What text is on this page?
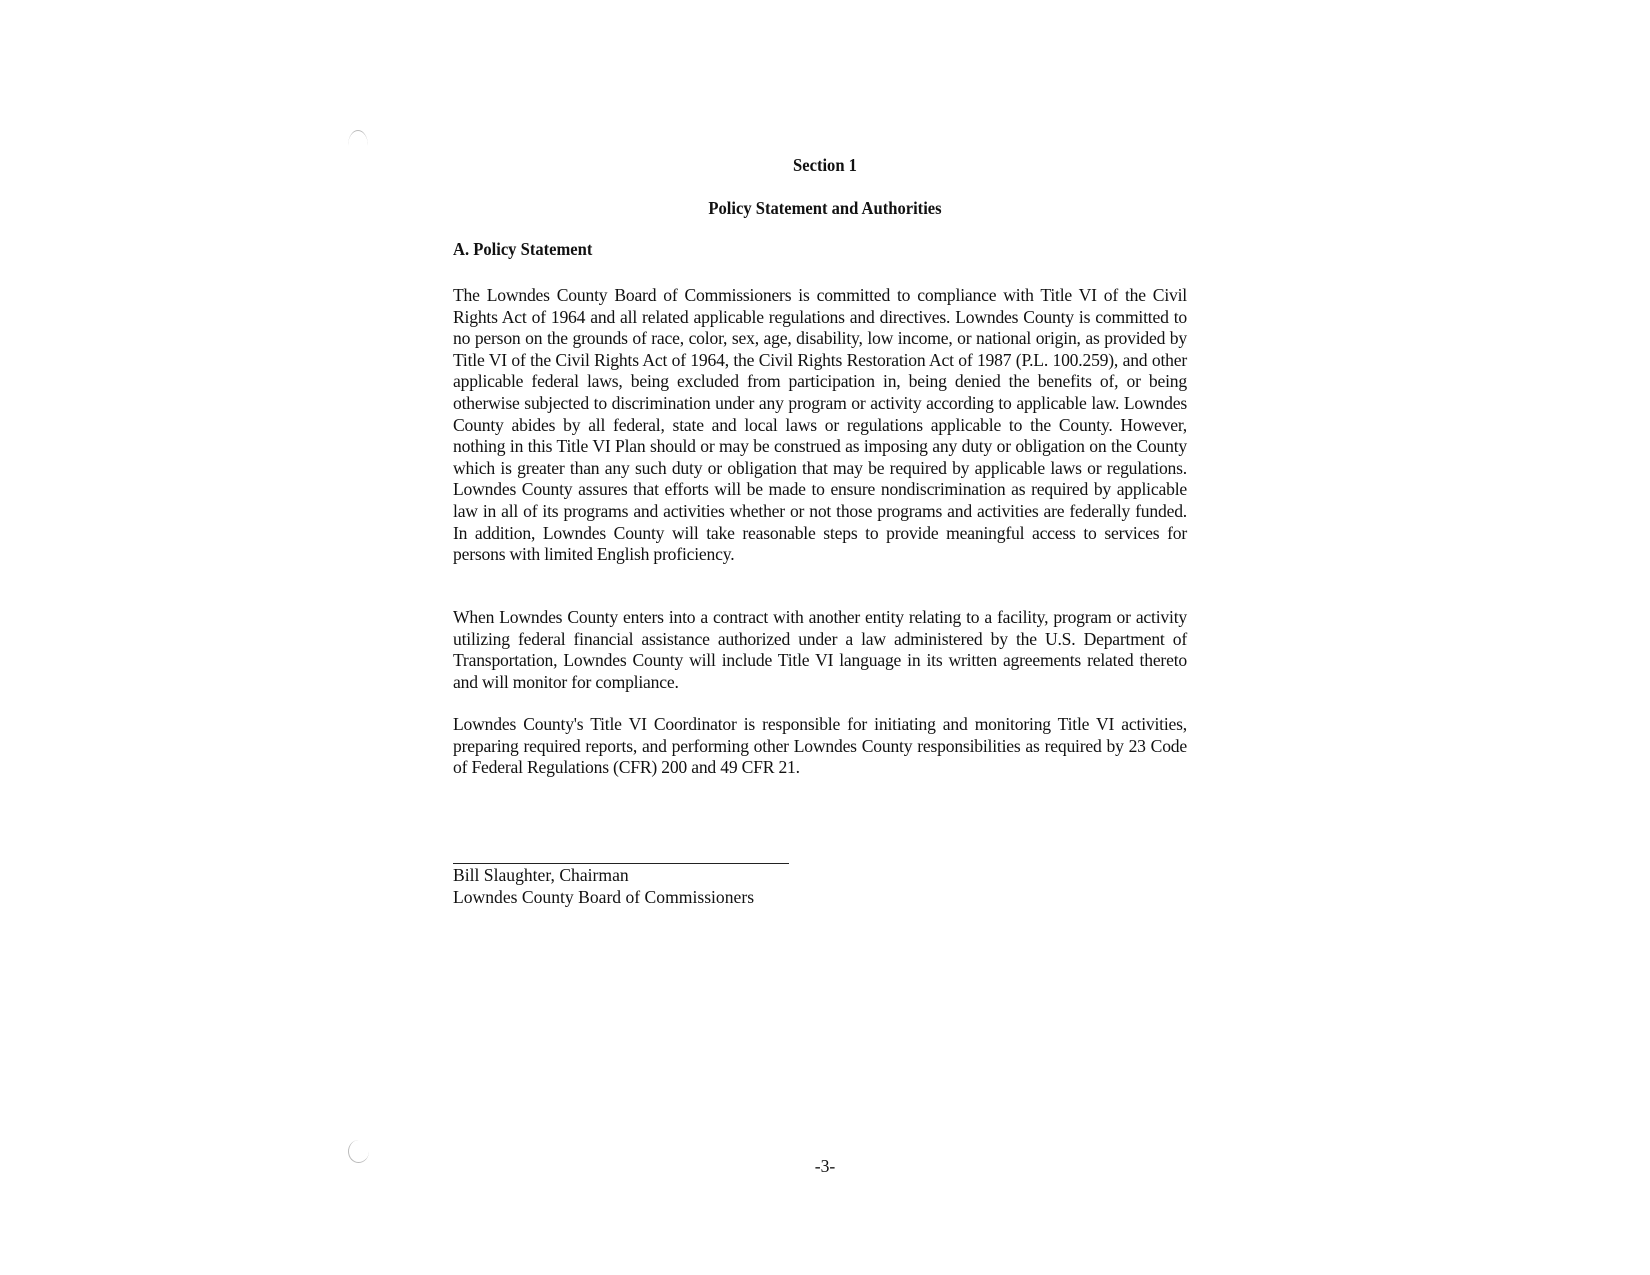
Section 1
Policy Statement and Authorities
A. Policy Statement
The Lowndes County Board of Commissioners is committed to compliance with Title VI of the Civil Rights Act of 1964 and all related applicable regulations and directives. Lowndes County is committed to no person on the grounds of race, color, sex, age, disability, low income, or national origin, as provided by Title VI of the Civil Rights Act of 1964, the Civil Rights Restoration Act of 1987 (P.L. 100.259), and other applicable federal laws, being excluded from participation in, being denied the benefits of, or being otherwise subjected to discrimination under any program or activity according to applicable law. Lowndes County abides by all federal, state and local laws or regulations applicable to the County. However, nothing in this Title VI Plan should or may be construed as imposing any duty or obligation on the County which is greater than any such duty or obligation that may be required by applicable laws or regulations. Lowndes County assures that efforts will be made to ensure nondiscrimination as required by applicable law in all of its programs and activities whether or not those programs and activities are federally funded. In addition, Lowndes County will take reasonable steps to provide meaningful access to services for persons with limited English proficiency.
When Lowndes County enters into a contract with another entity relating to a facility, program or activity utilizing federal financial assistance authorized under a law administered by the U.S. Department of Transportation, Lowndes County will include Title VI language in its written agreements related thereto and will monitor for compliance.
Lowndes County's Title VI Coordinator is responsible for initiating and monitoring Title VI activities, preparing required reports, and performing other Lowndes County responsibilities as required by 23 Code of Federal Regulations (CFR) 200 and 49 CFR 21.
Bill Slaughter, Chairman
Lowndes County Board of Commissioners
-3-
